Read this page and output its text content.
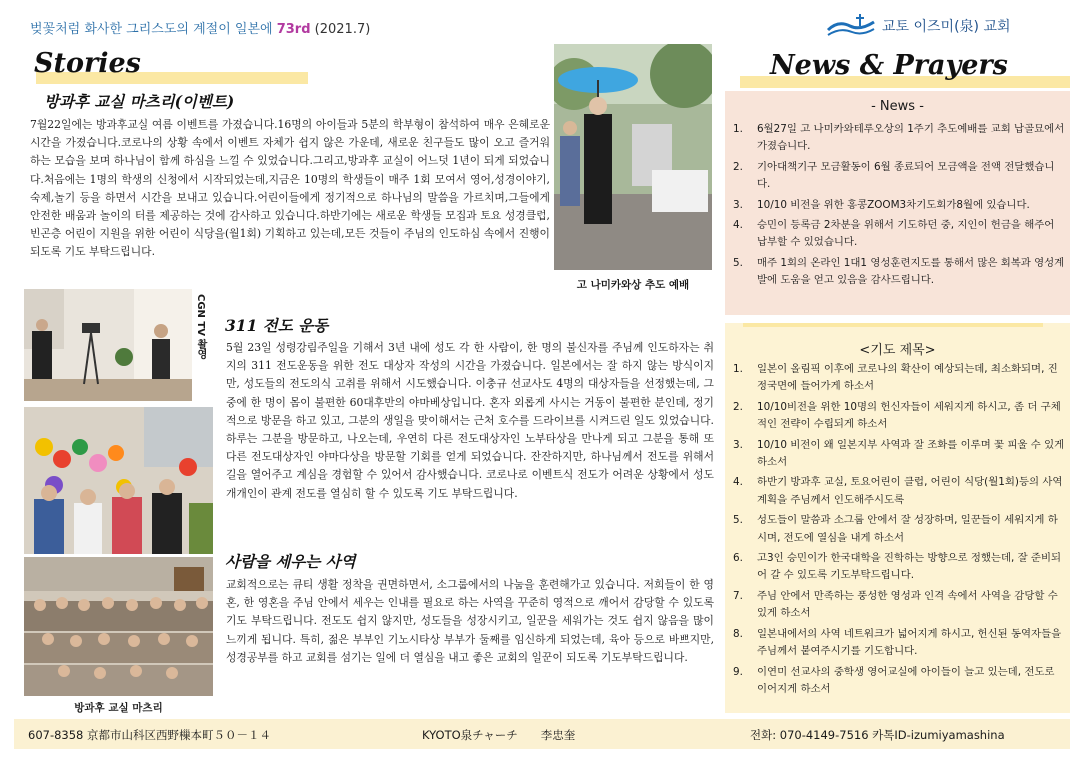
벚꽃처럼 화사한 그리스도의 계절이 일본에 73rd (2021.7)	교토 이즈미(泉) 교회
Stories	News & Prayers
방과후 교실 마츠리(이벤트)
7월22일에는 방과후교실 여름 이벤트를 가졌습니다.16명의 아이들과 5분의 학부형이 참석하여 매우 은혜로운 시간을 가졌습니다.코로나의 상황 속에서 이벤트 자체가 쉽지 않은 가운데, 새로운 친구들도 많이 오고 즐거워하는 모습을 보며 하나님이 함께 하심을 느낄 수 있었습니다.그리고,방과후 교실이 어느덧 1년이 되게 되었습니다.처음에는 1명의 학생의 신청에서 시작되었는데,지금은 10명의 학생들이 매주 1회 모여서 영어,성경이야기,숙제,놀기 등을 하면서 시간을 보내고 있습니다.어린이들에게 정기적으로 하나님의 말씀을 가르치며,그들에게 안전한 배움과 놀이의 터를 제공하는 것에 감사하고 있습니다.하반기에는 새로운 학생들 모집과 토요 성경클럽,빈곤층 어린이 지원을 위한 어린이 식당을(월1회) 기획하고 있는데,모든 것들이 주님의 인도하심 속에서 진행이 되도록 기도 부탁드립니다.
고 나미카와상 추도 예배
CGN TV 촬영
방과후 교실 마츠리
311 전도 운동
5월 23일 성령강림주일을 기해서 3년 내에 성도 각 한 사람이, 한 명의 불신자를 주님께 인도하자는 취지의 311 전도운동을 위한 전도 대상자 작성의 시간을 가졌습니다. 일본에서는 잘 하지 않는 방식이지만, 성도들의 전도의식 고취를 위해서 시도했습니다. 이충규 선교사도 4명의 대상자들을 선정했는데, 그 중에 한 명이 몸이 불편한 60대후반의 야마베상입니다. 혼자 외롭게 사시는 거동이 불편한 분인데, 정기적으로 방문을 하고 있고, 그분의 생일을 맞이해서는 근처 호수를 드라이브를 시켜드린 일도 있었습니다. 하루는 그분을 방문하고, 나오는데, 우연히 다른 전도대상자인 노부타상을 만나게 되고 그분을 통해 또 다른 전도대상자인 야마다상을 방문할 기회를 얻게 되었습니다. 잔잔하지만, 하나님께서 전도를 위해서 길을 열어주고 계심을 경험할 수 있어서 감사했습니다. 코로나로 이벤트식 전도가 어려운 상황에서 성도 개개인이 관계 전도를 열심히 할 수 있도록 기도 부탁드립니다.
사람을 세우는 사역
교회적으로는 큐티 생활 정착을 권면하면서, 소그룹에서의 나눔을 훈련해가고 있습니다. 저희들이 한 영혼, 한 영혼을 주님 안에서 세우는 인내를 필요로 하는 사역을 꾸준히 영적으로 깨어서 감당할 수 있도록 기도 부탁드립니다. 전도도 쉽지 않지만, 성도들을 성장시키고, 일꾼을 세워가는 것도 쉽지 않음을 많이 느끼게 됩니다. 특히, 젊은 부부인 기노시타상 부부가 둘째를 임신하게 되었는데, 육아 등으로 바쁘지만, 성경공부를 하고 교회를 섬기는 일에 더 열심을 내고 좋은 교회의 일꾼이 되도록 기도부탁드립니다.
- News -
1. 6월27일 고 나미카와테루오상의 1주기 추도예배를 교회 납골묘에서 가졌습니다.
2. 기아대책기구 모금활동이 6월 종료되어 모금액을 전액 전달했습니다.
3. 10/10 비전을 위한 홍콩ZOOM3차기도회가8월에 있습니다.
4. 승민이 등록금 2차분을 위해서 기도하던 중, 지인이 헌금을 해주어 납부할 수 있었습니다.
5. 매주 1회의 온라인 1대1 영성훈련지도를 통해서 많은 회복과 영성계발에 도움을 얻고 있음을 감사드립니다.
<기도 제목>
1. 일본이 올림픽 이후에 코로나의 확산이 예상되는데, 최소화되며, 진정국면에 들어가게 하소서
2. 10/10비전을 위한 10명의 헌신자들이 세워지게 하시고, 좀 더 구체적인 전략이 수립되게 하소서
3. 10/10 비전이 왜 일본지부 사역과 잘 조화를 이루며 꽃 피울 수 있게 하소서
4. 하반기 방과후 교실, 토요어린이 클럽, 어린이 식당(월1회)등의 사역 계획을 주님께서 인도해주시도록
5. 성도들이 말씀과 소그룹 안에서 잘 성장하며, 일꾼들이 세워지게 하시며, 전도에 열심을 내게 하소서
6. 고3인 승민이가 한국대학을 진학하는 방향으로 정했는데, 잘 준비되어 갈 수 있도록 기도부탁드립니다.
7. 주님 안에서 만족하는 풍성한 영성과 인격 속에서 사역을 감당할 수 있게 하소서
8. 일본내에서의 사역 네트워크가 넓어지게 하시고, 헌신된 동역자들을 주님께서 붙여주시기를 기도합니다.
9. 이연미 선교사의 중학생 영어교실에 아이들이 늘고 있는데, 전도로 이어지게 하소서
607-8358 京都市山科区西野樔本町５０－１４	KYOTO泉チャーチ　　李忠奎	전화: 070-4149-7516 카톡ID-izumiyamashina
